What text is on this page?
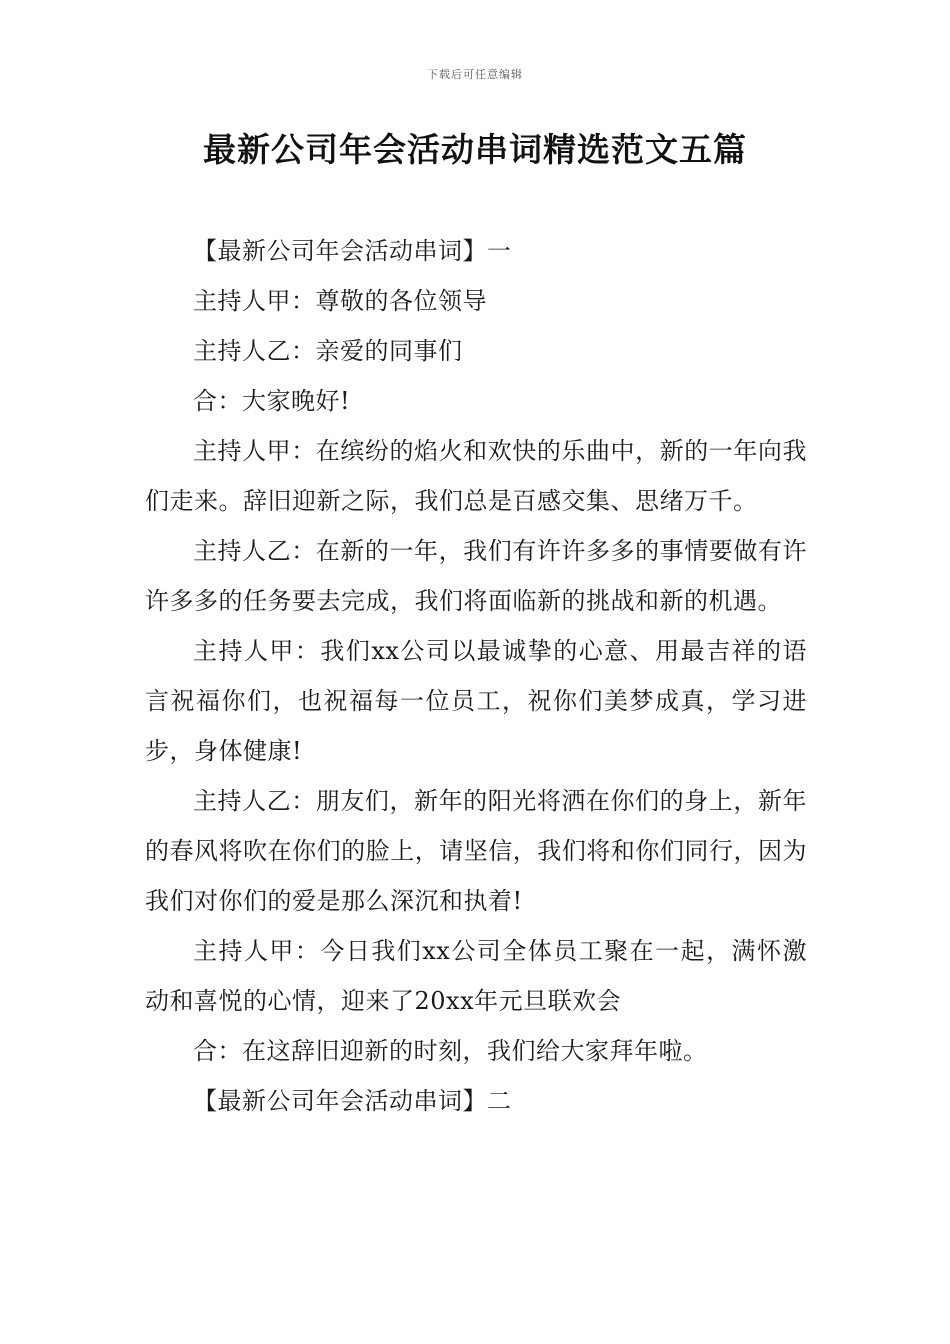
下载后可任意编辑
最新公司年会活动串词精选范文五篇

【最新公司年会活动串词】一

主持人甲：尊敬的各位领导

主持人乙：亲爱的同事们

合：大家晚好!

主持人甲：在缤纷的焰火和欢快的乐曲中，新的一年向我们走来。辞旧迎新之际，我们总是百感交集、思绪万千。

主持人乙：在新的一年，我们有许许多多的事情要做有许许多多的任务要去完成，我们将面临新的挑战和新的机遇。

主持人甲：我们xx公司以最诚挚的心意、用最吉祥的语言祝福你们，也祝福每一位员工，祝你们美梦成真，学习进步，身体健康!

主持人乙：朋友们，新年的阳光将洒在你们的身上，新年的春风将吹在你们的脸上，请坚信，我们将和你们同行，因为我们对你们的爱是那么深沉和执着!

主持人甲：今日我们xx公司全体员工聚在一起，满怀激动和喜悦的心情，迎来了20xx年元旦联欢会

合：在这辞旧迎新的时刻，我们给大家拜年啦。

【最新公司年会活动串词】二
